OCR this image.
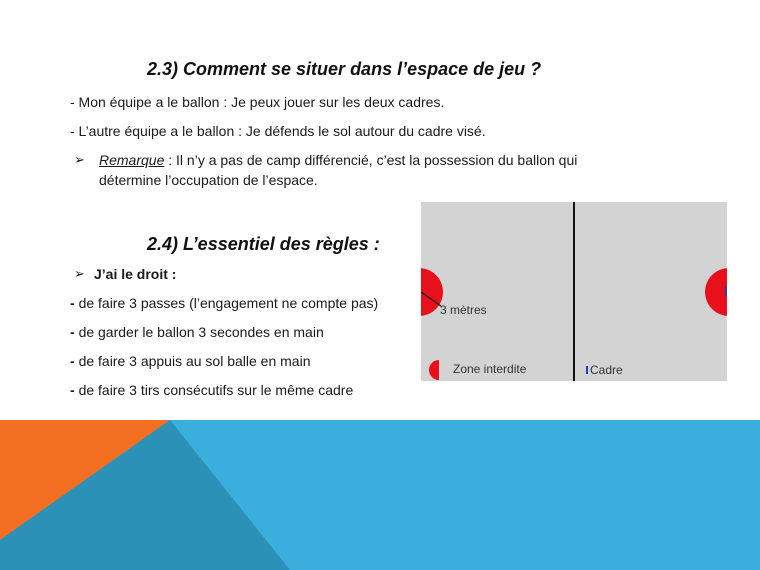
2.3) Comment se situer dans l’espace de jeu ?
- Mon équipe a le ballon : Je peux jouer sur les deux cadres.
- L’autre équipe a le ballon : Je défends le sol autour du cadre visé.
➢ Remarque : Il n’y a pas de camp différencié, c’est la possession du ballon qui
détermine l’occupation de l’espace.
2.4) L’essentiel des règles :
➢ J’ai le droit :
- de faire 3 passes (l’engagement ne compte pas)
- de garder le ballon 3 secondes en main
- de faire 3 appuis au sol balle en main
- de faire 3 tirs consécutifs sur le même cadre
3 mètres
Zone interdite	Cadre
